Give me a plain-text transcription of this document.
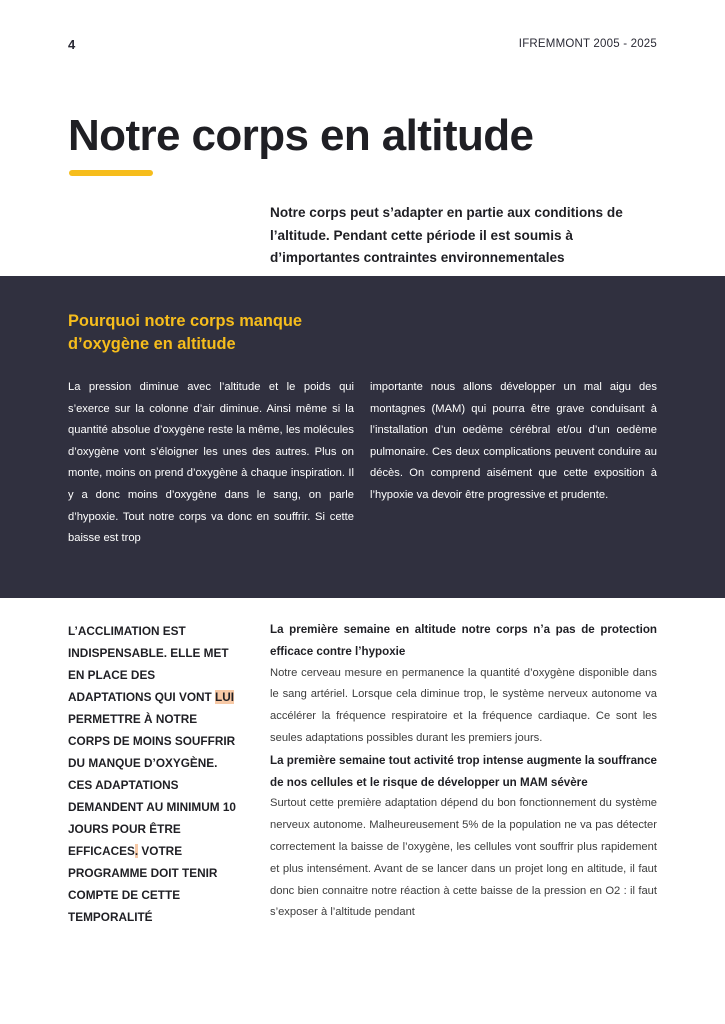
4	IFREMMONT 2005 - 2025
Notre corps en altitude

Notre corps peut s’adapter en partie aux conditions de l’altitude. Pendant cette période il est soumis à d’importantes contraintes environnementales

Pourquoi notre corps manque d’oxygène en altitude

La pression diminue avec l’altitude et le poids qui s’exerce sur la colonne d’air diminue. Ainsi même si la quantité absolue d’oxygène reste la même, les molécules d’oxygène vont s’éloigner les unes des autres. Plus on monte, moins on prend d’oxygène à chaque inspiration. Il y a donc moins d’oxygène dans le sang, on parle d’hypoxie. Tout notre corps va donc en souffrir. Si cette baisse est trop

importante nous allons développer un mal aigu des montagnes (MAM) qui pourra être grave conduisant à l’installation d’un oedème cérébral et/ou d’un oedème pulmonaire. Ces deux complications peuvent conduire au décès. On comprend aisément que cette exposition à l’hypoxie va devoir être progressive et prudente.

L’ACCLIMATION EST INDISPENSABLE. ELLE MET EN PLACE DES ADAPTATIONS QUI VONT LUI PERMETTRE À NOTRE CORPS DE MOINS SOUFFRIR DU MANQUE D’OXYGÈNE. CES ADAPTATIONS DEMANDENT AU MINIMUM 10 JOURS POUR ÊTRE EFFICACES. VOTRE PROGRAMME DOIT TENIR COMPTE DE CETTE TEMPORALITÉ

La première semaine en altitude notre corps n’a pas de protection efficace contre l’hypoxie

Notre cerveau mesure en permanence la quantité d’oxygène disponible dans le sang artériel. Lorsque cela diminue trop, le système nerveux autonome va accélérer la fréquence respiratoire et la fréquence cardiaque. Ce sont les seules adaptations possibles durant les premiers jours.

La première semaine tout activité trop intense augmente la souffrance de nos cellules et le risque de développer un MAM sévère

Surtout cette première adaptation dépend du bon fonctionnement du système nerveux autonome. Malheureusement 5% de la population ne va pas détecter correctement la baisse de l’oxygène, les cellules vont souffrir plus rapidement et plus intensément. Avant de se lancer dans un projet long en altitude, il faut donc bien connaitre notre réaction à cette baisse de la pression en O2 : il faut s’exposer à l’altitude pendant
